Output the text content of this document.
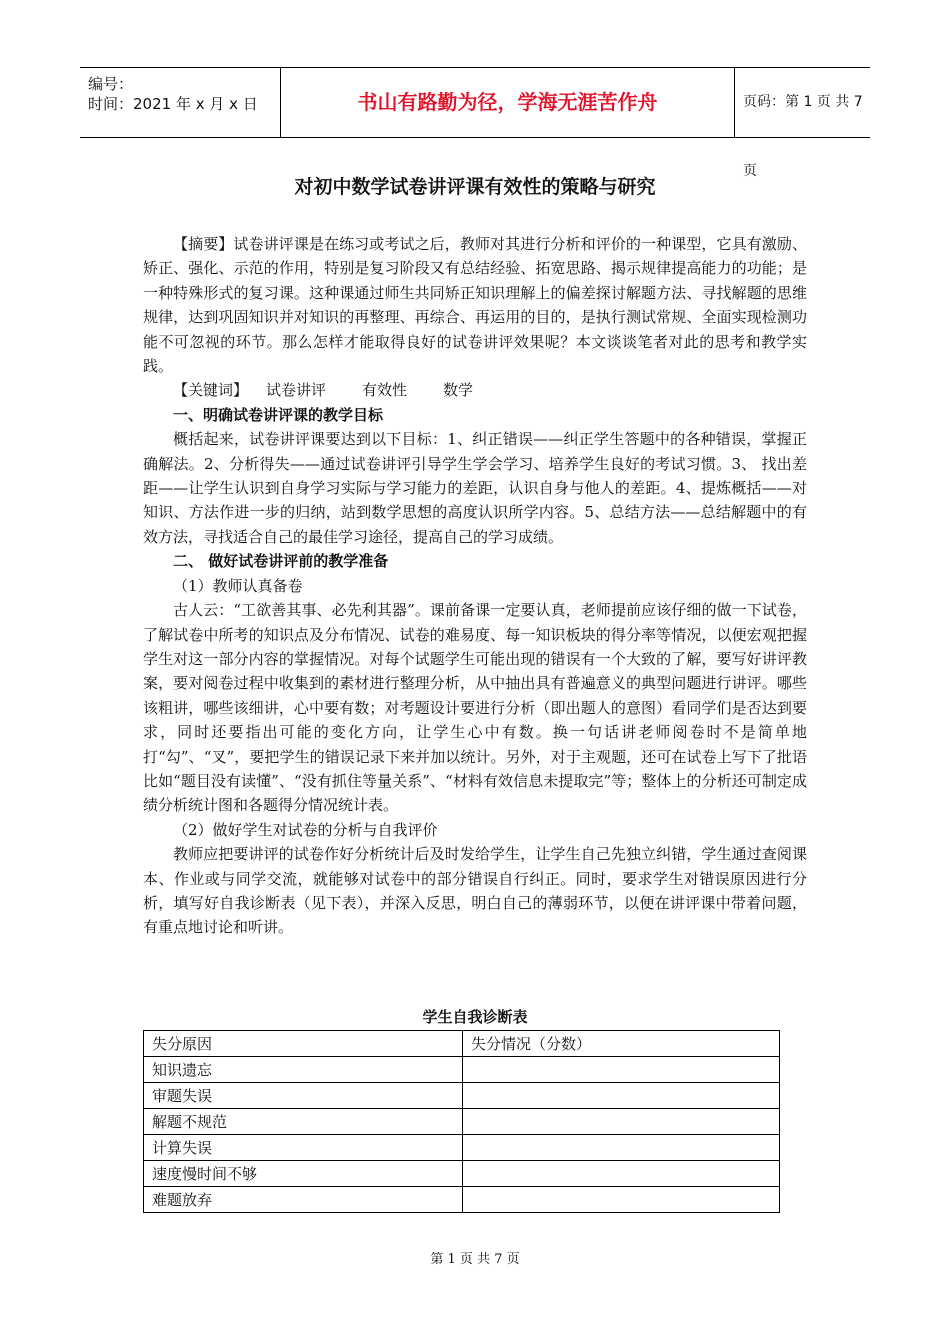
编号：
时间：2021 年 x 月 x 日	书山有路勤为径，学海无涯苦作舟	页码：第 1 页 共 7 页
对初中数学试卷讲评课有效性的策略与研究

【摘要】试卷讲评课是在练习或考试之后，教师对其进行分析和评价的一种课型，它具有激励、矫正、强化、示范的作用，特别是复习阶段又有总结经验、拓宽思路、揭示规律提高能力的功能；是一种特殊形式的复习课。这种课通过师生共同矫正知识理解上的偏差探讨解题方法、寻找解题的思维规律，达到巩固知识并对知识的再整理、再综合、再运用的目的，是执行测试常规、全面实现检测功能不可忽视的环节。那么怎样才能取得良好的试卷讲评效果呢？本文谈谈笔者对此的思考和教学实践。

【关键词】 试卷讲评 有效性 数学

一、明确试卷讲评课的教学目标

概括起来，试卷讲评课要达到以下目标：1、纠正错误——纠正学生答题中的各种错误，掌握正确解法。2、分析得失——通过试卷讲评引导学生学会学习、培养学生良好的考试习惯。3、 找出差距——让学生认识到自身学习实际与学习能力的差距，认识自身与他人的差距。4、提炼概括——对知识、方法作进一步的归纳，站到数学思想的高度认识所学内容。5、总结方法——总结解题中的有效方法，寻找适合自己的最佳学习途径，提高自己的学习成绩。

二、 做好试卷讲评前的教学准备

（1）教师认真备卷

古人云：“工欲善其事、必先利其器”。课前备课一定要认真，老师提前应该仔细的做一下试卷，了解试卷中所考的知识点及分布情况、试卷的难易度、每一知识板块的得分率等情况，以便宏观把握学生对这一部分内容的掌握情况。对每个试题学生可能出现的错误有一个大致的了解，要写好讲评教案，要对阅卷过程中收集到的素材进行整理分析，从中抽出具有普遍意义的典型问题进行讲评。哪些该粗讲，哪些该细讲，心中要有数；对考题设计要进行分析（即出题人的意图）看同学们是否达到要求，同时还要指出可能的变化方向，让学生心中有数。换一句话讲老师阅卷时不是简单地打“勾”、“叉”，要把学生的错误记录下来并加以统计。另外，对于主观题，还可在试卷上写下了批语比如“题目没有读懂”、“没有抓住等量关系”、“材料有效信息未提取完”等；整体上的分析还可制定成绩分析统计图和各题得分情况统计表。

（2）做好学生对试卷的分析与自我评价

教师应把要讲评的试卷作好分析统计后及时发给学生，让学生自己先独立纠错，学生通过查阅课本、作业或与同学交流，就能够对试卷中的部分错误自行纠正。同时，要求学生对错误原因进行分析，填写好自我诊断表（见下表），并深入反思，明白自己的薄弱环节，以便在讲评课中带着问题，有重点地讨论和听讲。

学生自我诊断表
失分原因	失分情况（分数）
知识遗忘	
审题失误	
解题不规范	
计算失误	
速度慢时间不够	
难题放弃	
第 1 页 共 7 页
